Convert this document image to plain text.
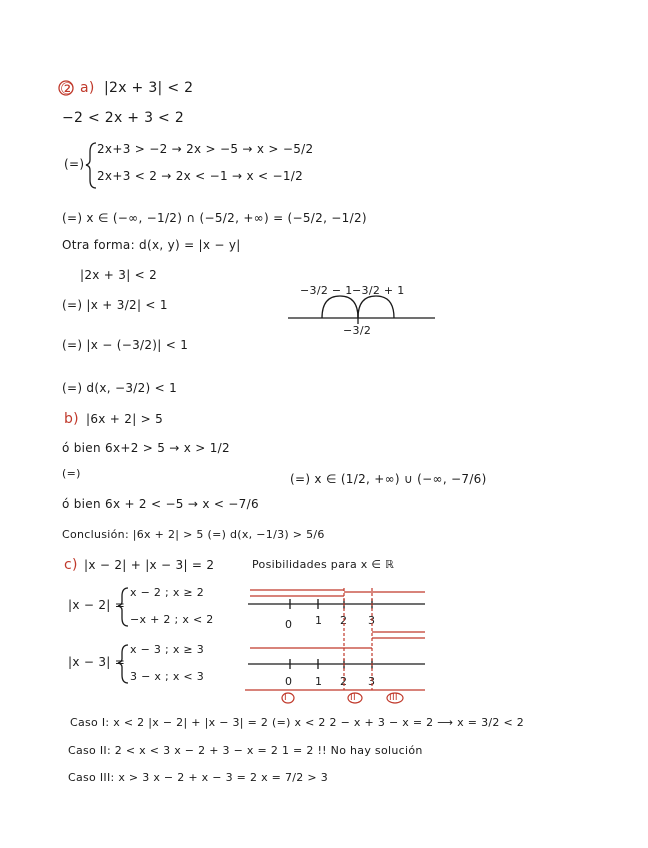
② a) |2x + 3| < 2
−2 < 2x + 3 < 2
(=)
2x+3 > −2 → 2x > −5 → x > −5/2
2x+3 < 2 → 2x < −1 → x < −1/2
(=) x ∈ (−∞, −1/2) ∩ (−5/2, +∞) = (−5/2, −1/2)
Otra forma: d(x, y) = |x − y|
|2x + 3| < 2
(=) |x + 3/2| < 1
(=) |x − (−3/2)| < 1
(=) d(x, −3/2) < 1
−3/2 − 1 −3/2 + 1
−3/2
b) |6x + 2| > 5
ó bien 6x+2 > 5 → x > 1/2
(=)	(=) x ∈ (1/2, +∞) ∪ (−∞, −7/6)
ó bien 6x + 2 < −5 → x < −7/6
Conclusión: |6x + 2| > 5 (=) d(x, −1/3) > 5/6
c) |x − 2| + |x − 3| = 2	Posibilidades para x ∈ ℝ
|x − 2| =
x − 2 ; x ≥ 2
−x + 2 ; x < 2
|x − 3| =
x − 3 ; x ≥ 3
3 − x ; x < 3
0 1 2 3
0 1 2 3
I	II	III
Caso I: x < 2 |x − 2| + |x − 3| = 2 (=) x < 2 2 − x + 3 − x = 2 ⟶ x = 3/2 < 2
Caso II: 2 < x < 3 x − 2 + 3 − x = 2 1 = 2 !! No hay solución
Caso III: x > 3 x − 2 + x − 3 = 2 x = 7/2 > 3
